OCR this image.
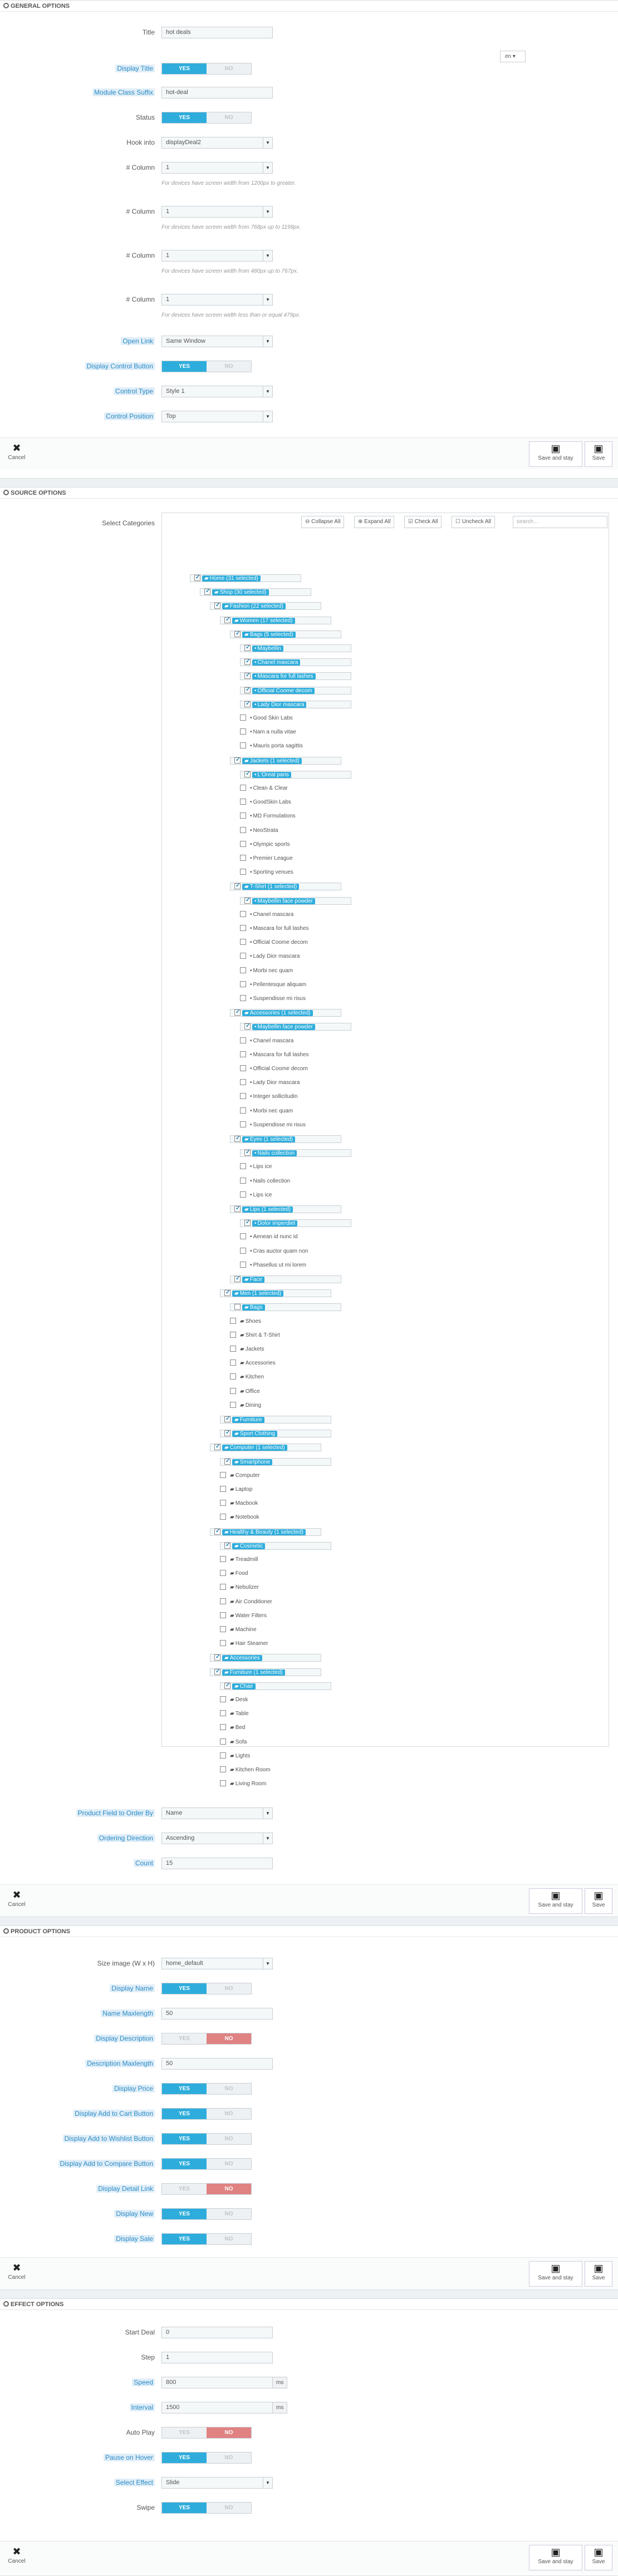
GENERAL OPTIONS
Title	hot deals
en ▾
Display Title	YES	NO
Module Class Suffix	hot-deal
Status	YES	NO
Hook into	displayDeal2	▼
# Column	1	▼
For devices have screen width from 1200px to greater.
# Column	1	▼
For devices have screen width from 768px up to 1199px.
# Column	1	▼
For devices have screen width from 480px up to 767px.
# Column	1	▼
For devices have screen width less than or equal 479px.
Open Link	Same Window	▼
Display Control Button	YES	NO
Control Type	Style 1	▼
Control Position	Top	▼
✖
Cancel
▣
Save and stay
▣
Save
SOURCE OPTIONS
Select Categories	⊖ Collapse All	⊕ Expand All	☑ Check All	☐ Uncheck All	search...
✓▰ Home (31 selected)
✓▰ Shop (30 selected)
✓▰ Fashion (22 selected)
✓▰ Women (17 selected)
✓▰ Bags (5 selected)
✓• Maybellin
✓• Chanel mascara
✓• Mascara for full lashes
✓• Official Coome decom
✓• Lady Dior mascara
• Good Skin Labs
• Nam a nulla vitae
• Mauris porta sagittis
✓▰ Jackets (1 selected)
✓• L'Oreal paris
• Clean & Clear
• GoodSkin Labs
• MD Formulations
• NeoStrata
• Olympic sports
• Premier League
• Sporting venues
✓▰ T-Shirt (1 selected)
✓• Maybellin face powder
• Chanel mascara
• Mascara for full lashes
• Official Coome decom
• Lady Dior mascara
• Morbi nec quam
• Pellentesque aliquam
• Suspendisse mi risus
✓▰ Accessories (1 selected)
✓• Maybellin face powder
• Chanel mascara
• Mascara for full lashes
• Official Coome decom
• Lady Dior mascara
• Integer sollicitudin
• Morbi nec quam
• Suspendisse mi risus
✓▰ Eyes (1 selected)
✓• Nails collection
• Lips ice
• Nails collection
• Lips ice
✓▰ Lips (1 selected)
✓• Dolor imperdiet
• Aenean id nunc id
• Cras auctor quam non
• Phasellus ut mi lorem
✓▰ Face
✓▰ Men (1 selected)
▰ Bags
▰ Shoes
▰ Shirt & T-Shirt
▰ Jackets
▰ Accessories
▰ Kitchen
▰ Office
▰ Dining
✓▰ Furniture
✓▰ Sport Clothing
✓▰ Computer (1 selected)
✓▰ Smartphone
▰ Computer
▰ Laptop
▰ Macbook
▰ Notebook
✓▰ Healthy & Beauty (1 selected)
✓▰ Cosmetic
▰ Treadmill
▰ Food
▰ Nebulizer
▰ Air Conditioner
▰ Water Filters
▰ Machine
▰ Hair Steamer
✓▰ Accessories
✓▰ Furniture (1 selected)
✓▰ Chair
▰ Desk
▰ Table
▰ Bed
▰ Sofa
▰ Lights
▰ Kitchen Room
▰ Living Room
Product Field to Order By	Name	▼
Ordering Direction	Ascending	▼
Count	15
✖
Cancel
▣
Save and stay
▣
Save
PRODUCT OPTIONS
Size image (W x H)	home_default	▼
Display Name	YES	NO
Name Maxlength	50
Display Description	YES	NO
Description Maxlength	50
Display Price	YES	NO
Display Add to Cart Button	YES	NO
Display Add to Wishlist Button	YES	NO
Display Add to Compare Button	YES	NO
Display Detail Link	YES	NO
Display New	YES	NO
Display Sale	YES	NO
✖
Cancel
▣
Save and stay
▣
Save
EFFECT OPTIONS
Start Deal	0
Step	1
Speed	800	ms
Interval	1500	ms
Auto Play	YES	NO
Pause on Hover	YES	NO
Select Effect	Slide	▼
Swipe	YES	NO
✖
Cancel
▣
Save and stay
▣
Save
